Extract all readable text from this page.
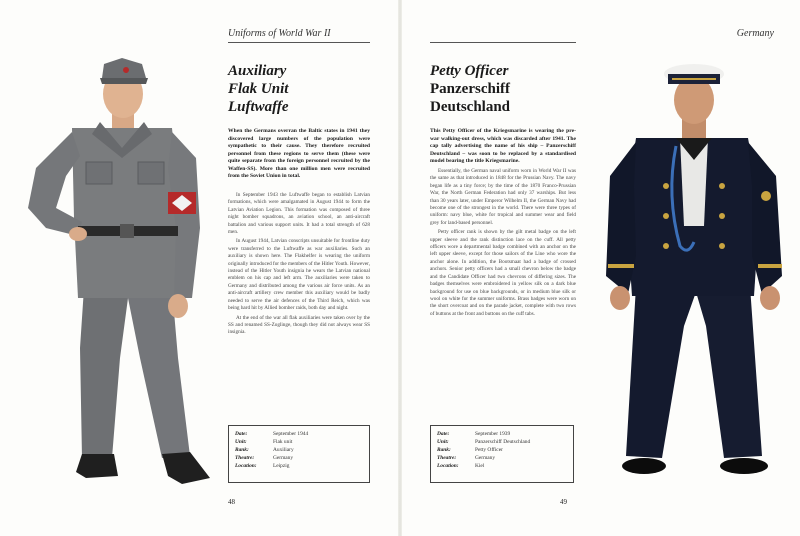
Uniforms of World War II
Auxiliary
Flak Unit
Luftwaffe
When the Germans overran the Baltic states in 1941 they discovered large numbers of the population were sympathetic to their cause. They therefore recruited personnel from these regions to serve them (these were quite separate from the foreign personnel recruited by the Waffen-SS). More than one million men were recruited from the Soviet Union in total.

In September 1943 the Luftwaffe began to establish Latvian formations, which were amalgamated in August 1944 to form the Latvian Aviation Legion. This formation was composed of three night bomber squadrons, an aviation school, an anti-aircraft battalion and various support units. It had a total strength of 628 men.

In August 1944, Latvian conscripts unsuitable for frontline duty were transferred to the Luftwaffe as war auxiliaries. Such an auxiliary is shown here. The Flakhelfer is wearing the uniform originally introduced for the members of the Hitler Youth. However, instead of the Hitler Youth insignia he wears the Latvian national emblem on his cap and left arm. The auxiliaries were taken to Germany and distributed among the various air force units. As an anti-aircraft artillery crew member this auxiliary would be badly needed to serve the air defences of the Third Reich, which was being hard hit by Allied bomber raids, both day and night.

At the end of the war all flak auxiliaries were taken over by the SS and renamed SS-Zoglinge, though they did not always wear SS insignia.

Date:	September 1944
Unit:	Flak unit
Rank:	Auxiliary
Theatre:	Germany
Location:	Leipzig
48
Germany
Petty Officer
Panzerschiff
Deutschland
This Petty Officer of the Kriegsmarine is wearing the pre-war walking-out dress, which was discarded after 1941. The cap tally advertising the name of his ship – Panzerschiff Deutschland – was soon to be replaced by a standardised model bearing the title Kriegsmarine.

Essentially, the German naval uniform worn in World War II was the same as that introduced in 1848 for the Prussian Navy. The navy began life as a tiny force; by the time of the 1870 Franco-Prussian War, the North German Federation had only 37 warships. But less than 30 years later, under Emperor Wilhelm II, the German Navy had become one of the strongest in the world. There were three types of uniform: navy blue, white for tropical and summer wear and field grey for land-based personnel.

Petty officer rank is shown by the gilt metal badge on the left upper sleeve and the rank distinction lace on the cuff. All petty officers wore a departmental badge combined with an anchor on the left upper sleeve, except for those sailors of the Line who wore the anchor alone. In addition, the Bootsmaat had a badge of crossed anchors. Senior petty officers had a small chevron below the badge and the Candidate Officer had two chevrons of differing sizes. The badges themselves were embroidered in yellow silk on a dark blue background for use on blue backgrounds, or in medium blue silk or wool on white for the summer uniforms. Brass badges were worn on the short overcoat and on the parade jacket, complete with two rows of buttons at the front and buttons on the cuff tabs.

Date:	September 1939
Unit:	Panzerschiff Deutschland
Rank:	Petty Officer
Theatre:	Germany
Location:	Kiel
49
